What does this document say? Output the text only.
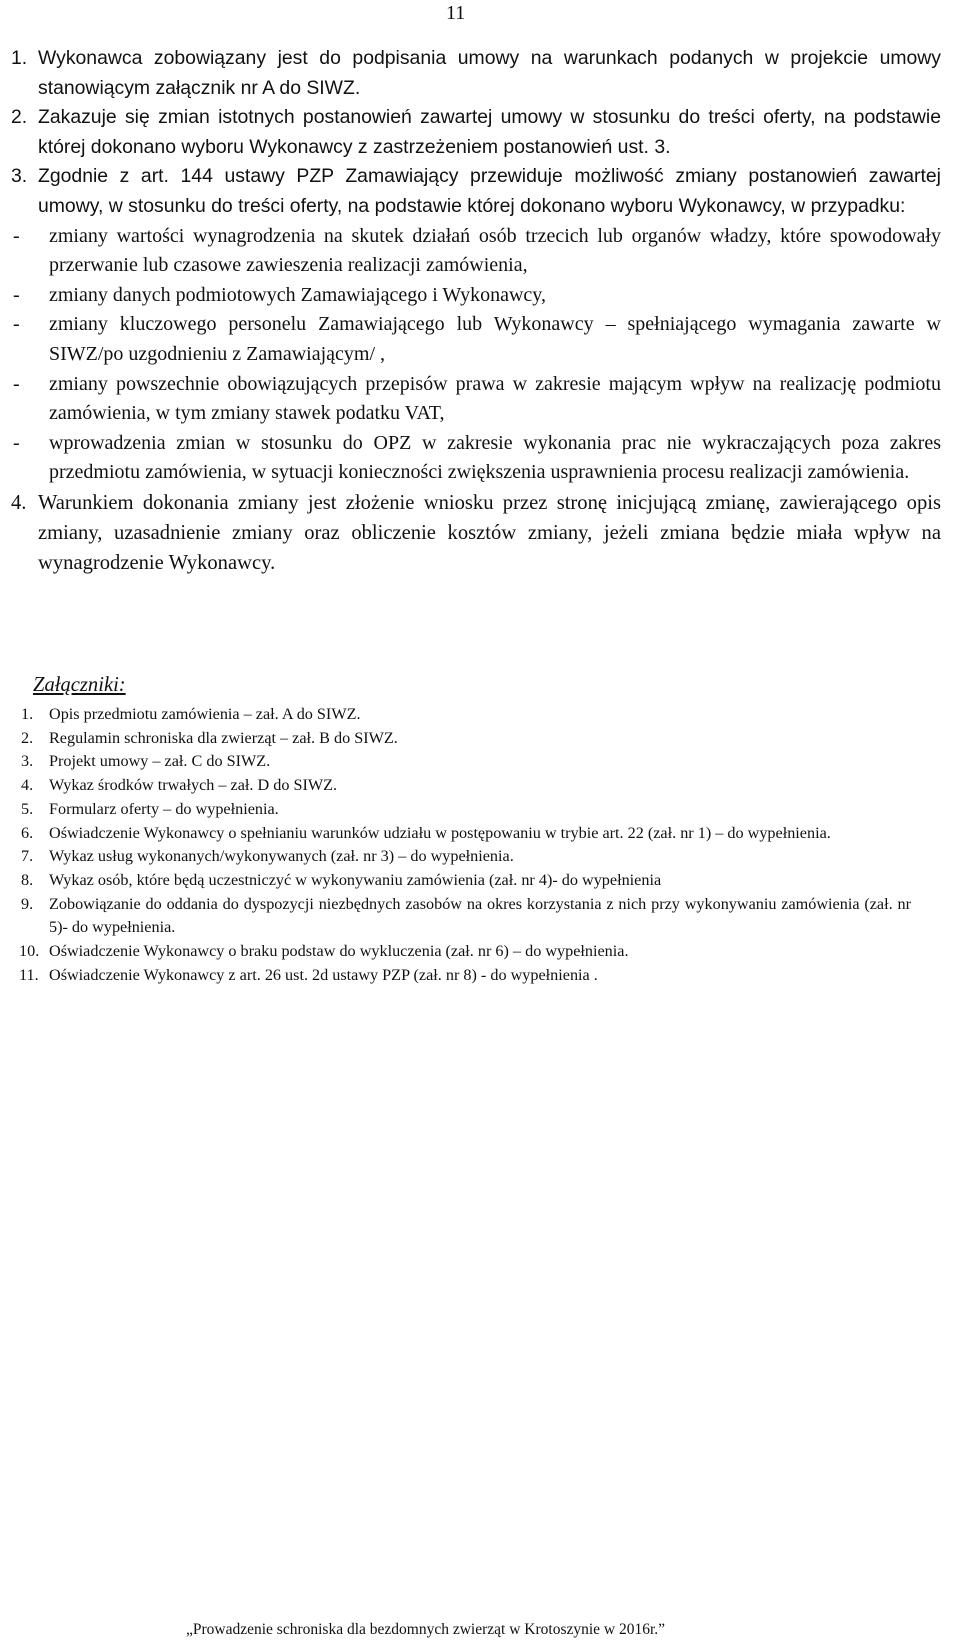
11
1. Wykonawca zobowiązany jest do podpisania umowy na warunkach podanych w projekcie umowy stanowiącym załącznik nr A do SIWZ.
2. Zakazuje się zmian istotnych postanowień zawartej umowy w stosunku do treści oferty, na podstawie której dokonano wyboru Wykonawcy z zastrzeżeniem postanowień ust. 3.
3. Zgodnie z art. 144 ustawy PZP Zamawiający przewiduje możliwość zmiany postanowień zawartej umowy, w stosunku do treści oferty, na podstawie której dokonano wyboru Wykonawcy, w przypadku:
- zmiany wartości wynagrodzenia na skutek działań osób trzecich lub organów władzy, które spowodowały przerwanie lub czasowe zawieszenia realizacji zamówienia,
- zmiany danych podmiotowych Zamawiającego i Wykonawcy,
- zmiany kluczowego personelu Zamawiającego lub Wykonawcy – spełniającego wymagania zawarte w SIWZ/po uzgodnieniu z Zamawiającym/ ,
- zmiany powszechnie obowiązujących przepisów prawa w zakresie mającym wpływ na realizację podmiotu zamówienia, w tym zmiany stawek podatku VAT,
- wprowadzenia zmian w stosunku do OPZ w zakresie wykonania prac nie wykraczających poza zakres przedmiotu zamówienia, w sytuacji konieczności zwiększenia usprawnienia procesu realizacji zamówienia.
4. Warunkiem dokonania zmiany jest złożenie wniosku przez stronę inicjującą zmianę, zawierającego opis zmiany, uzasadnienie zmiany oraz obliczenie kosztów zmiany, jeżeli zmiana będzie miała wpływ na wynagrodzenie Wykonawcy.
Załączniki:
1. Opis przedmiotu zamówienia – zał. A do SIWZ.
2. Regulamin schroniska dla zwierząt – zał. B do SIWZ.
3. Projekt umowy – zał. C do SIWZ.
4. Wykaz środków trwałych – zał. D do SIWZ.
5. Formularz oferty – do wypełnienia.
6. Oświadczenie Wykonawcy o spełnianiu warunków udziału w postępowaniu w trybie art. 22 (zał. nr 1) – do wypełnienia.
7. Wykaz usług wykonanych/wykonywanych (zał. nr 3) – do wypełnienia.
8. Wykaz osób, które będą uczestniczyć w wykonywaniu zamówienia (zał. nr 4)- do wypełnienia
9. Zobowiązanie do oddania do dyspozycji niezbędnych zasobów na okres korzystania z nich przy wykonywaniu zamówienia (zał. nr 5)- do wypełnienia.
10. Oświadczenie Wykonawcy o braku podstaw do wykluczenia (zał. nr 6) – do wypełnienia.
11. Oświadczenie Wykonawcy z art. 26 ust. 2d ustawy PZP (zał. nr 8) - do wypełnienia .
„Prowadzenie schroniska dla bezdomnych zwierząt w Krotoszynie w 2016r.”
